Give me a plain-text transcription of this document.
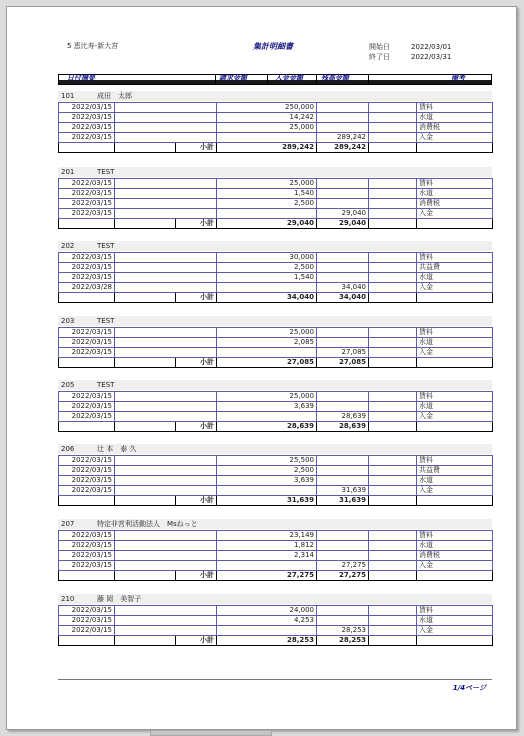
5 恵比寿-新大宮	集計明細書	開始日	2022/03/01
終了日	2022/03/31
日付摘要	請求金額	入金金額	残高金額	備考
101	成田　太郎
2022/03/15			250,000			賃料
2022/03/15			14,242			水道
2022/03/15			25,000			消費税
2022/03/15				289,242		入金
		小計	289,242	289,242		
201	TEST
2022/03/15			25,000			賃料
2022/03/15			1,540			水道
2022/03/15			2,500			消費税
2022/03/15				29,040		入金
		小計	29,040	29,040		
202	TEST
2022/03/15			30,000			賃料
2022/03/15			2,500			共益費
2022/03/15			1,540			水道
2022/03/28				34,040		入金
		小計	34,040	34,040		
203	TEST
2022/03/15			25,000			賃料
2022/03/15			2,085			水道
2022/03/15				27,085		入金
		小計	27,085	27,085		
205	TEST
2022/03/15			25,000			賃料
2022/03/15			3,639			水道
2022/03/15				28,639		入金
		小計	28,639	28,639		
206	辻 本　泰 久
2022/03/15			25,500			賃料
2022/03/15			2,500			共益費
2022/03/15			3,639			水道
2022/03/15				31,639		入金
		小計	31,639	31,639		
207	特定非営利活動法人　Msねっと
2022/03/15			23,149			賃料
2022/03/15			1,812			水道
2022/03/15			2,314			消費税
2022/03/15				27,275		入金
		小計	27,275	27,275		
210	藤 岡　美智子
2022/03/15			24,000			賃料
2022/03/15			4,253			水道
2022/03/15				28,253		入金
		小計	28,253	28,253		
1/4ページ
